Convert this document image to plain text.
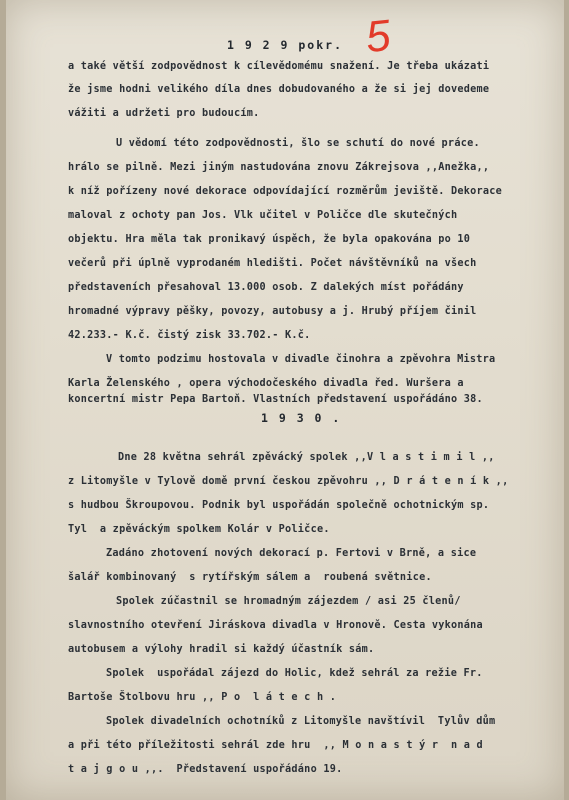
5
1 9 2 9 pokr.
a také větší zodpovědnost k cílevědomému snažení. Je třeba ukázati
že jsme hodni velikého díla dnes dobudovaného a že si jej dovedeme
vážiti a udržeti pro budoucím.
U vědomí této zodpovědnosti, šlo se schutí do nové práce.
hrálo se pilně. Mezi jiným nastudována znovu Zákrejsova ,,Anežka,,
k níž pořízeny nové dekorace odpovídající rozměrům jeviště. Dekorace
maloval z ochoty pan Jos. Vlk učitel v Poličce dle skutečných
objektu. Hra měla tak pronikavý úspěch, že byla opakována po 10
večerů při úplně vyprodaném hledišti. Počet návštěvníků na všech
představeních přesahoval 13.000 osob. Z dalekých míst pořádány
hromadné výpravy pěšky, povozy, autobusy a j. Hrubý příjem činil
42.233.- K.č. čistý zisk 33.702.- K.č.
V tomto podzimu hostovala v divadle činohra a zpěvohra Mistra
Karla Želenského , opera východočeského divadla řed. Wuršera a
koncertní mistr Pepa Bartoň. Vlastních představení uspořádáno 38.
1 9 3 0 .
Dne 28 května sehrál zpěvácký spolek ,,V l a s t i m i l ,,
z Litomyšle v Tylově domě první českou zpěvohru ,, D r á t e n í k ,,
s hudbou Škroupovou. Podnik byl uspořádán společně ochotnickým sp.
Tyl  a zpěváckým spolkem Kolár v Poličce.
Zadáno zhotovení nových dekorací p. Fertovi v Brně, a sice
šalář kombinovaný  s rytířským sálem a  roubená světnice.
Spolek zúčastnil se hromadným zájezdem / asi 25 členů/
slavnostního otevření Jiráskova divadla v Hronově. Cesta vykonána
autobusem a výlohy hradil si každý účastník sám.
Spolek  uspořádal zájezd do Holic, kdež sehrál za režie Fr.
Bartoše Štolbovu hru ,, P o  l á t e c h .
Spolek divadelních ochotníků z Litomyšle navštívil  Tylův dům
a při této příležitosti sehrál zde hru  ,, M o n a s t ý r  n a d
t a j g o u ,,.  Představení uspořádáno 19.
